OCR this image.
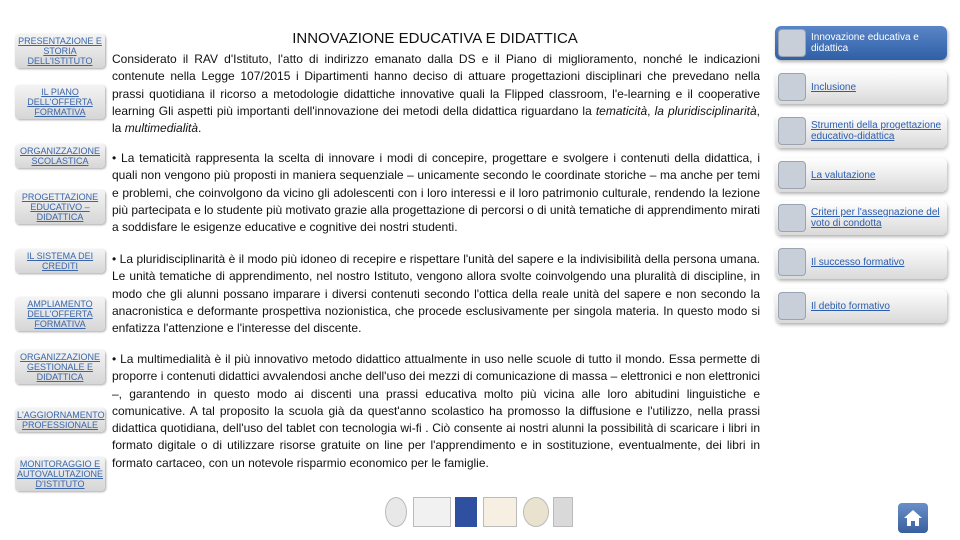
PRESENTAZIONE E STORIA DELL'ISTITUTO
IL PIANO DELL'OFFERTA FORMATIVA
ORGANIZZAZIONE SCOLASTICA
PROGETTAZIONE EDUCATIVO – DIDATTICA
IL SISTEMA DEI CREDITI
AMPLIAMENTO DELL'OFFERTA FORMATIVA
ORGANIZZAZIONE GESTIONALE E DIDATTICA
L'AGGIORNAMENTO PROFESSIONALE
MONITORAGGIO E AUTOVALUTAZIONE D'ISTITUTO
INNOVAZIONE EDUCATIVA E DIDATTICA
Considerato il RAV d'Istituto, l'atto di indirizzo emanato dalla DS e il Piano di miglioramento, nonché le indicazioni contenute nella Legge 107/2015 i Dipartimenti hanno deciso di attuare progettazioni disciplinari che prevedano nella prassi quotidiana il ricorso a metodologie didattiche innovative quali la Flipped classroom, l'e-learning e il cooperative learning Gli aspetti più importanti dell'innovazione dei metodi della didattica riguardano la tematicità, la pluridisciplinarità, la multimedialità.
• La tematicità rappresenta la scelta di innovare i modi di concepire, progettare e svolgere i contenuti della didattica, i quali non vengono più proposti in maniera sequenziale – unicamente secondo le coordinate storiche – ma anche per temi e problemi, che coinvolgono da vicino gli adolescenti con i loro interessi e il loro patrimonio culturale, rendendo la lezione più partecipata e lo studente più motivato grazie alla progettazione di percorsi o di unità tematiche di apprendimento mirati a soddisfare le esigenze educative e cognitive dei nostri studenti.
• La pluridisciplinarità è il modo più idoneo di recepire e rispettare l'unità del sapere e la indivisibilità della persona umana. Le unità tematiche di apprendimento, nel nostro Istituto, vengono allora svolte coinvolgendo una pluralità di discipline, in modo che gli alunni possano imparare i diversi contenuti secondo l'ottica della reale unità del sapere e non secondo la anacronistica e deformante prospettiva nozionistica, che procede esclusivamente per singola materia. In questo modo si enfatizza l'attenzione e l'interesse del discente.
• La multimedialità è il più innovativo metodo didattico attualmente in uso nelle scuole di tutto il mondo. Essa permette di proporre i contenuti didattici avvalendosi anche dell'uso dei mezzi di comunicazione di massa – elettronici e non elettronici –, garantendo in questo modo ai discenti una prassi educativa molto più vicina alle loro abitudini linguistiche e comunicative. A tal proposito la scuola già da quest'anno scolastico ha promosso la diffusione e l'utilizzo, nella prassi didattica quotidiana, dell'uso del tablet con tecnologia wi-fi . Ciò consente ai nostri alunni la possibilità di scaricare i libri in formato digitale o di utilizzare risorse gratuite on line per l'apprendimento e in sostituzione, eventualmente, dei libri in formato cartaceo, con un notevole risparmio economico per le famiglie.
Innovazione educativa e didattica
Inclusione
Strumenti della progettazione educativo-didattica
La valutazione
Criteri per l'assegnazione del voto di condotta
Il successo formativo
Il debito formativo
